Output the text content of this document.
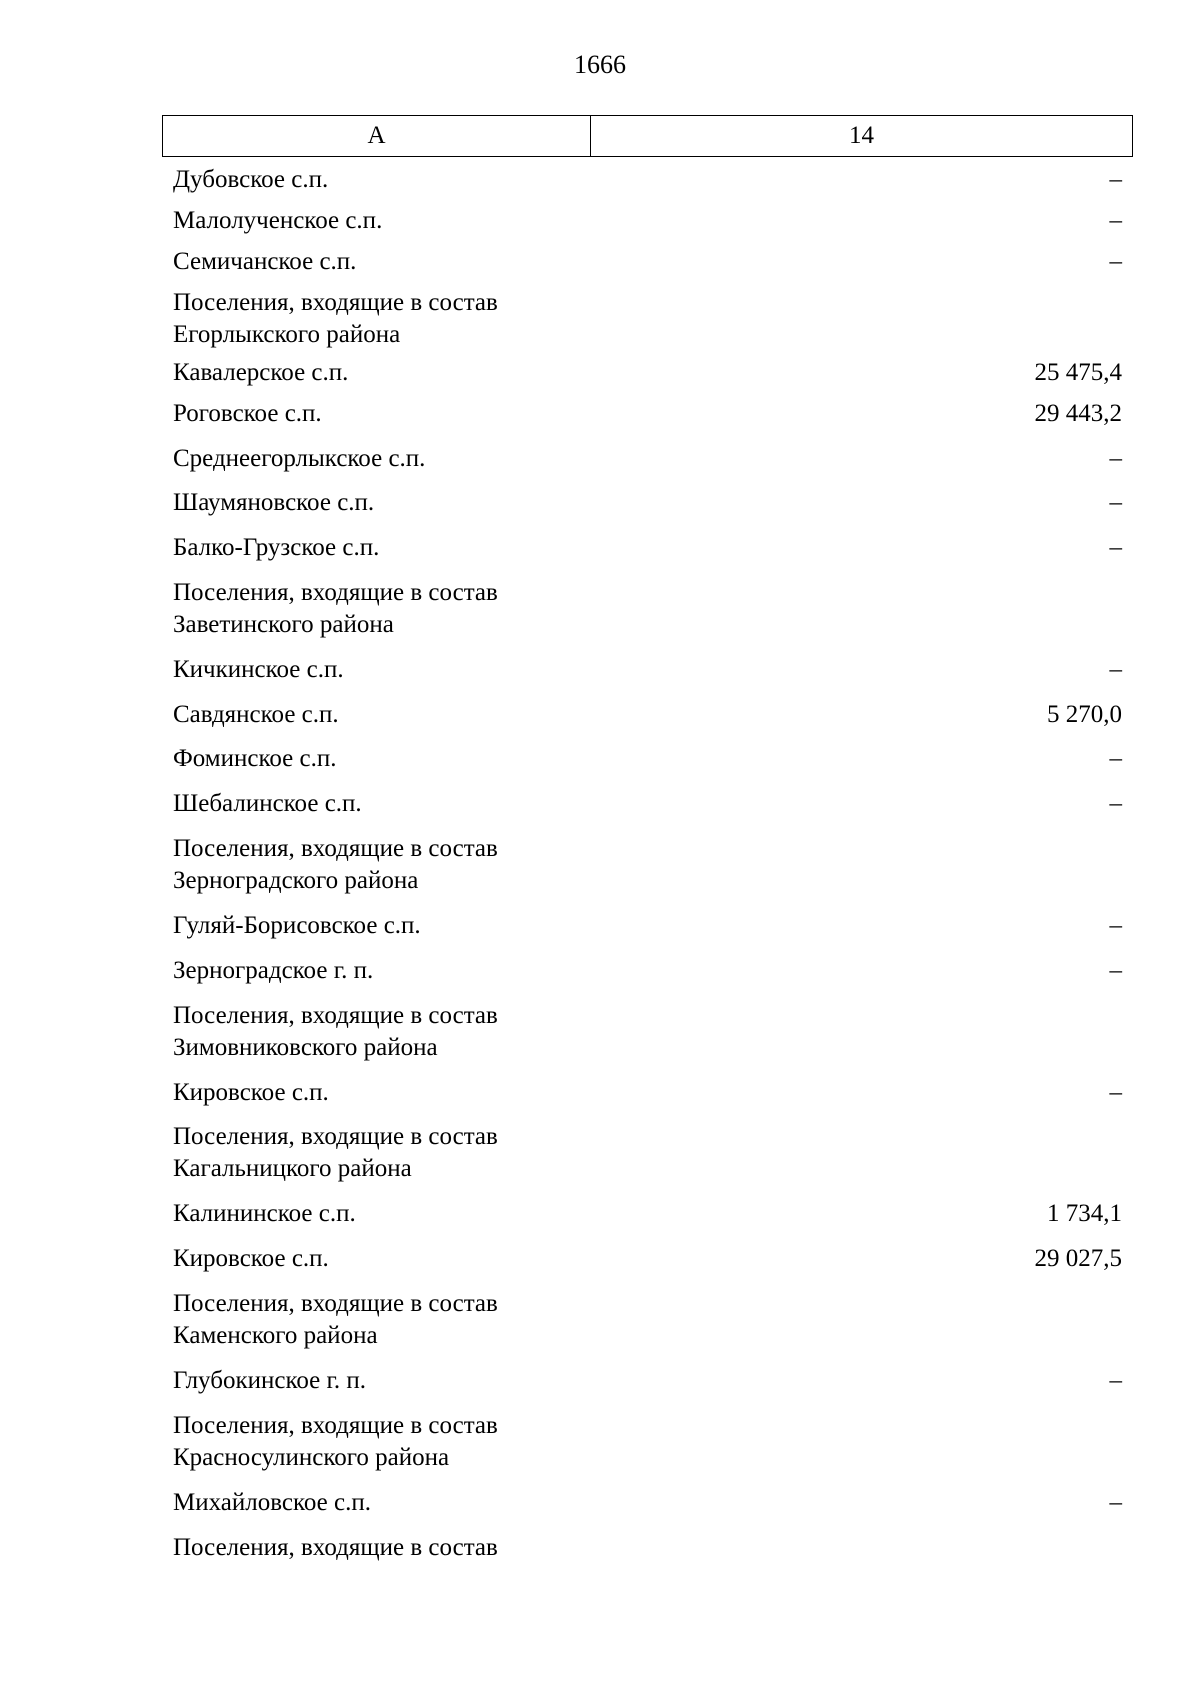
1666
А	14
Дубовское с.п.	–
Малолученское с.п.	–
Семичанское с.п.	–
Поселения, входящие в состав
Егорлыкского района
Кавалерское с.п.	25 475,4
Роговское с.п.	29 443,2
Среднеегорлыкское с.п.	–
Шаумяновское с.п.	–
Балко-Грузское с.п.	–
Поселения, входящие в состав
Заветинского района
Кичкинское с.п.	–
Савдянское с.п.	5 270,0
Фоминское с.п.	–
Шебалинское с.п.	–
Поселения, входящие в состав
Зерноградского района
Гуляй-Борисовское с.п.	–
Зерноградское г. п.	–
Поселения, входящие в состав
Зимовниковского района
Кировское с.п.	–
Поселения, входящие в состав
Кагальницкого района
Калининское с.п.	1 734,1
Кировское с.п.	29 027,5
Поселения, входящие в состав
Каменского района
Глубокинское г. п.	–
Поселения, входящие в состав
Красносулинского района
Михайловское с.п.	–
Поселения, входящие в состав
